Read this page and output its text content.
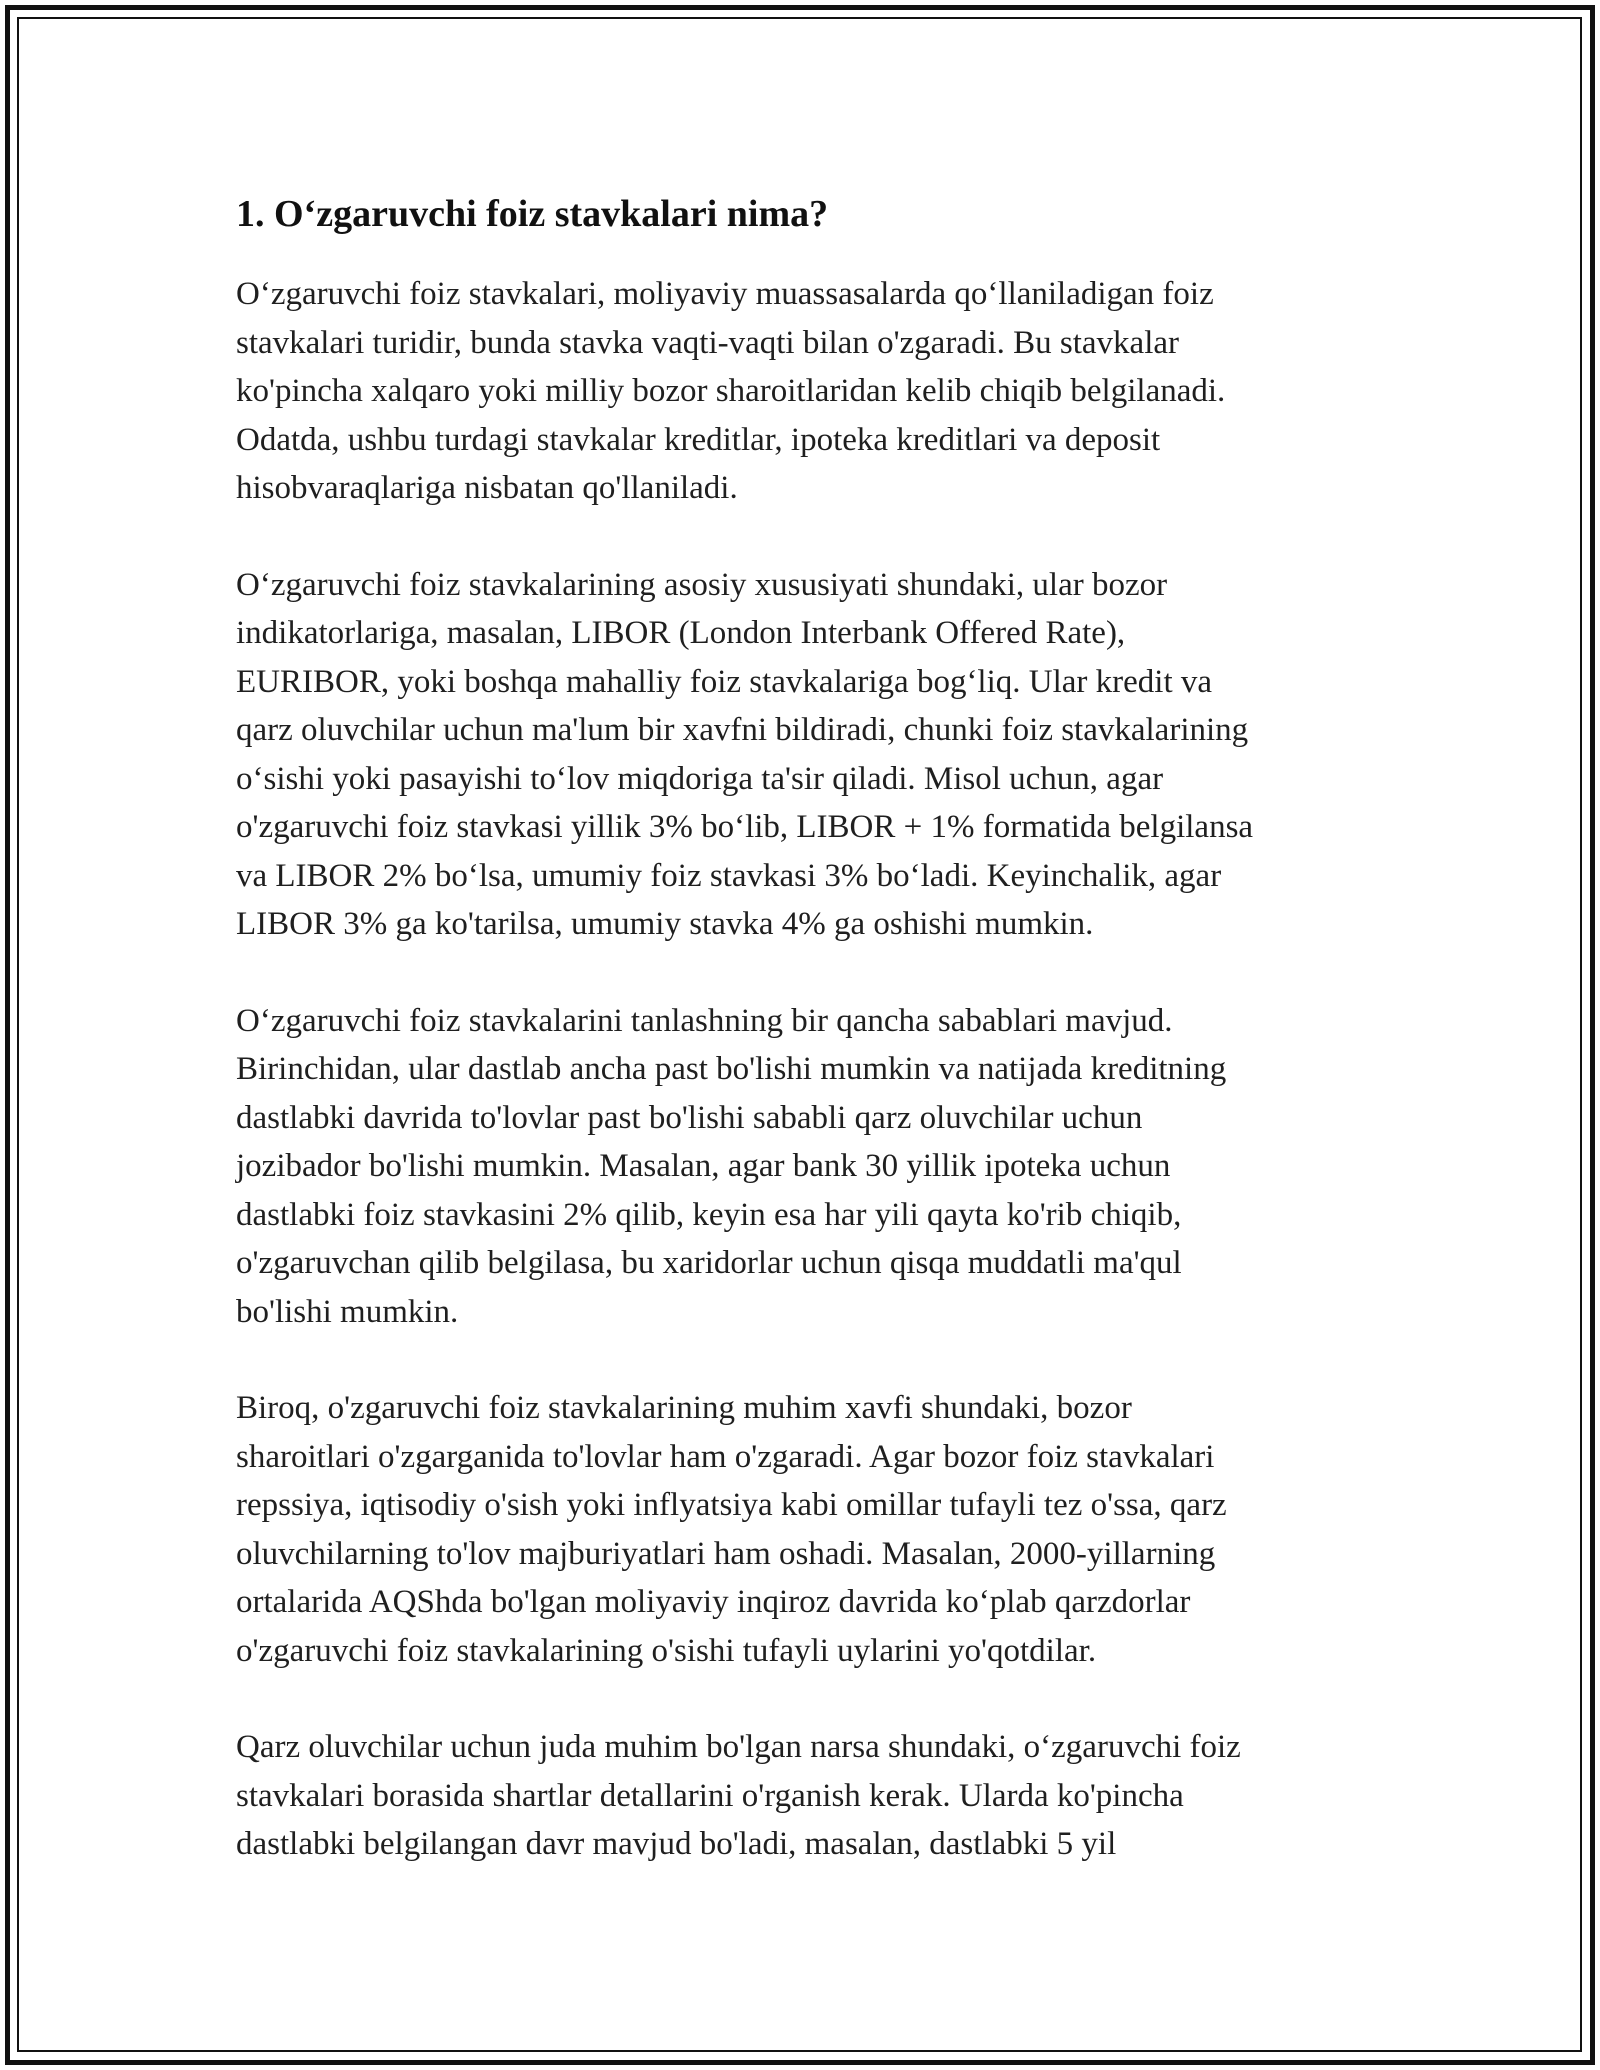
1. O‘zgaruvchi foiz stavkalari nima?

O‘zgaruvchi foiz stavkalari, moliyaviy muassasalarda qo‘llaniladigan foiz
stavkalari turidir, bunda stavka vaqti-vaqti bilan o'zgaradi. Bu stavkalar
ko'pincha xalqaro yoki milliy bozor sharoitlaridan kelib chiqib belgilanadi.
Odatda, ushbu turdagi stavkalar kreditlar, ipoteka kreditlari va deposit
hisobvaraqlariga nisbatan qo'llaniladi.

O‘zgaruvchi foiz stavkalarining asosiy xususiyati shundaki, ular bozor
indikatorlariga, masalan, LIBOR (London Interbank Offered Rate),
EURIBOR, yoki boshqa mahalliy foiz stavkalariga bog‘liq. Ular kredit va
qarz oluvchilar uchun ma'lum bir xavfni bildiradi, chunki foiz stavkalarining
o‘sishi yoki pasayishi to‘lov miqdoriga ta'sir qiladi. Misol uchun, agar
o'zgaruvchi foiz stavkasi yillik 3% bo‘lib, LIBOR + 1% formatida belgilansa
va LIBOR 2% bo‘lsa, umumiy foiz stavkasi 3% bo‘ladi. Keyinchalik, agar
LIBOR 3% ga ko'tarilsa, umumiy stavka 4% ga oshishi mumkin.

O‘zgaruvchi foiz stavkalarini tanlashning bir qancha sabablari mavjud.
Birinchidan, ular dastlab ancha past bo'lishi mumkin va natijada kreditning
dastlabki davrida to'lovlar past bo'lishi sababli qarz oluvchilar uchun
jozibador bo'lishi mumkin. Masalan, agar bank 30 yillik ipoteka uchun
dastlabki foiz stavkasini 2% qilib, keyin esa har yili qayta ko'rib chiqib,
o'zgaruvchan qilib belgilasa, bu xaridorlar uchun qisqa muddatli ma'qul
bo'lishi mumkin.

Biroq, o'zgaruvchi foiz stavkalarining muhim xavfi shundaki, bozor
sharoitlari o'zgarganida to'lovlar ham o'zgaradi. Agar bozor foiz stavkalari
repssiya, iqtisodiy o'sish yoki inflyatsiya kabi omillar tufayli tez o'ssa, qarz
oluvchilarning to'lov majburiyatlari ham oshadi. Masalan, 2000-yillarning
ortalarida AQShda bo'lgan moliyaviy inqiroz davrida ko‘plab qarzdorlar
o'zgaruvchi foiz stavkalarining o'sishi tufayli uylarini yo'qotdilar.

Qarz oluvchilar uchun juda muhim bo'lgan narsa shundaki, o‘zgaruvchi foiz
stavkalari borasida shartlar detallarini o'rganish kerak. Ularda ko'pincha
dastlabki belgilangan davr mavjud bo'ladi, masalan, dastlabki 5 yil
